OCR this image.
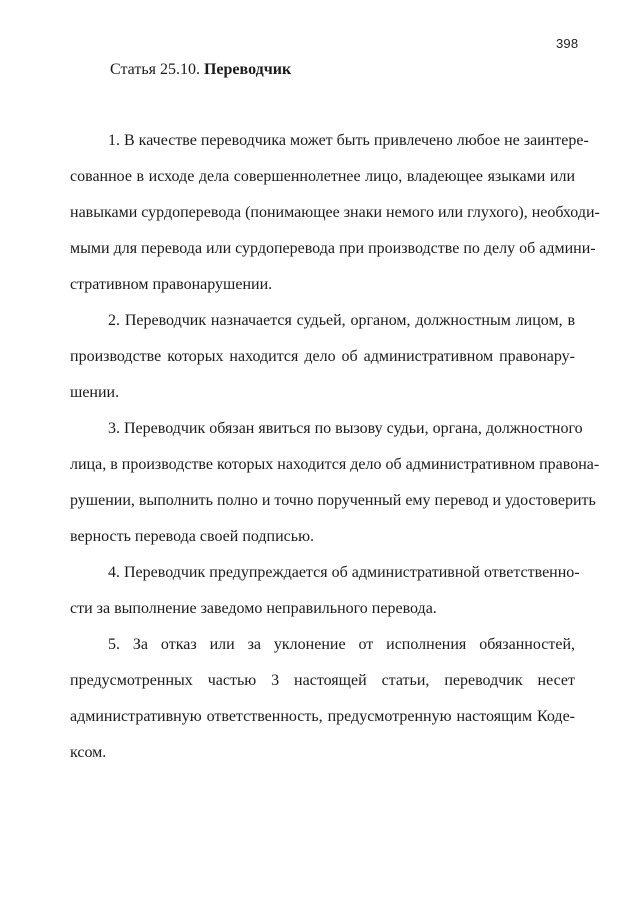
398
Статья 25.10. Переводчик
1. В качестве переводчика может быть привлечено любое не заинтере-
сованное в исходе дела совершеннолетнее лицо, владеющее языками или
навыками сурдоперевода (понимающее знаки немого или глухого), необходи-
мыми для перевода или сурдоперевода при производстве по делу об админи-
стративном правонарушении.
2. Переводчик назначается судьей, органом, должностным лицом, в
производстве которых находится дело об административном правонару-
шении.
3. Переводчик обязан явиться по вызову судьи, органа, должностного
лица, в производстве которых находится дело об административном правона-
рушении, выполнить полно и точно порученный ему перевод и удостоверить
верность перевода своей подписью.
4. Переводчик предупреждается об административной ответственно-
сти за выполнение заведомо неправильного перевода.
5. За отказ или за уклонение от исполнения обязанностей,
предусмотренных частью 3 настоящей статьи, переводчик несет
административную ответственность, предусмотренную настоящим Коде-
ксом.
